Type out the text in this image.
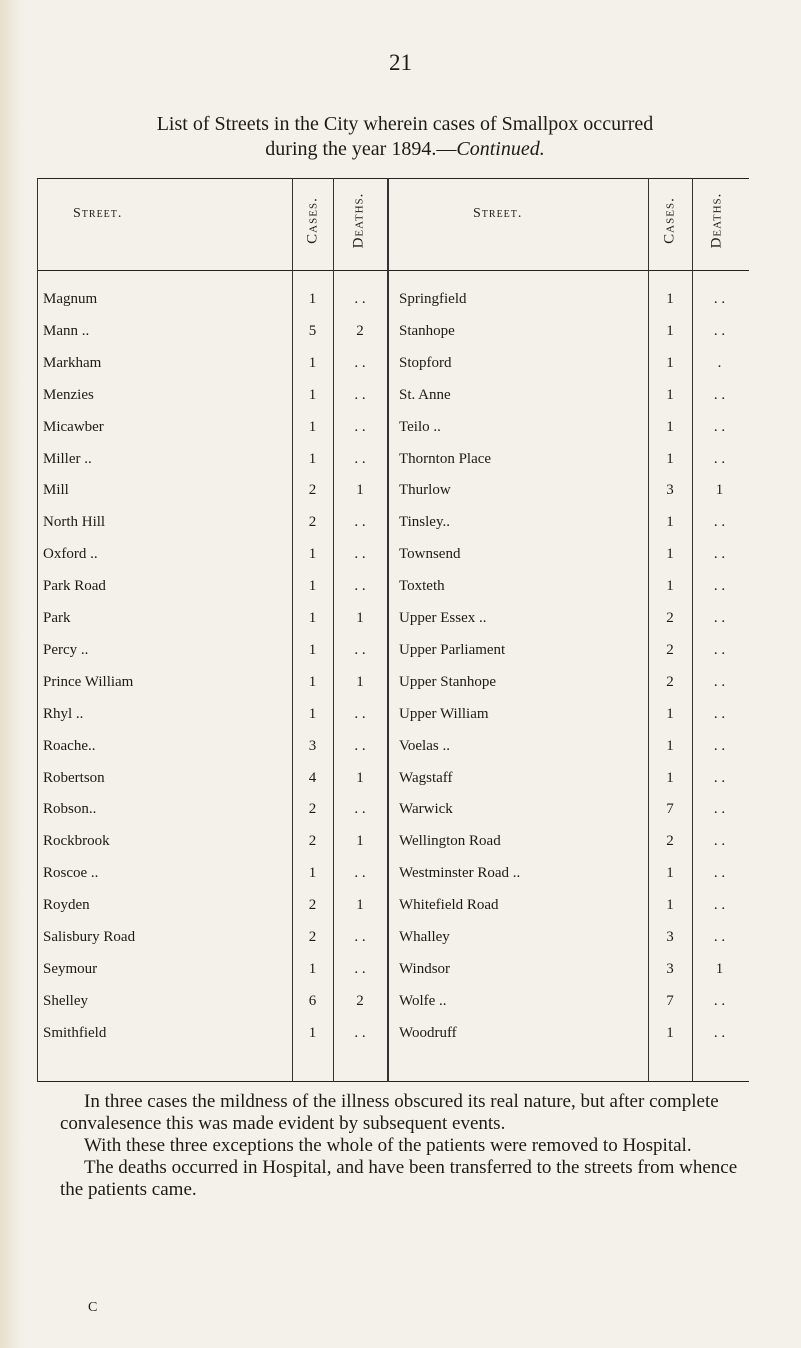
21
List of Streets in the City wherein cases of Smallpox occurred
during the year 1894.—Continued.
Street.	Cases. Deaths.	Street.	Cases. Deaths.
Magnum	1	. .	Springfield	1	. .
Mann ..	5	2	Stanhope	1	. .
Markham	1	. .	Stopford	1	.
Menzies	1	. .	St. Anne	1	. .
Micawber	1	. .	Teilo ..	1	. .
Miller ..	1	. .	Thornton Place	1	. .
Mill	2	1	Thurlow	3	1
North Hill	2	. .	Tinsley..	1	. .
Oxford ..	1	. .	Townsend	1	. .
Park Road	1	. .	Toxteth	1	. .
Park	1	1	Upper Essex ..	2	. .
Percy ..	1	. .	Upper Parliament	2	. .
Prince William	1	1	Upper Stanhope	2	. .
Rhyl ..	1	. .	Upper William	1	. .
Roache..	3	. .	Voelas ..	1	. .
Robertson	4	1	Wagstaff	1	. .
Robson..	2	. .	Warwick	7	. .
Rockbrook	2	1	Wellington Road	2	. .
Roscoe ..	1	. .	Westminster Road ..	1	. .
Royden	2	1	Whitefield Road	1	. .
Salisbury Road	2	. .	Whalley	3	. .
Seymour	1	. .	Windsor	3	1
Shelley	6	2	Wolfe ..	7	. .
Smithfield	1	. .	Woodruff	1	. .

In three cases the mildness of the illness obscured its real nature, but after complete convalesence this was made evident by subsequent events.

With these three exceptions the whole of the patients were removed to Hospital.

The deaths occurred in Hospital, and have been transferred to the streets from whence the patients came.

C
